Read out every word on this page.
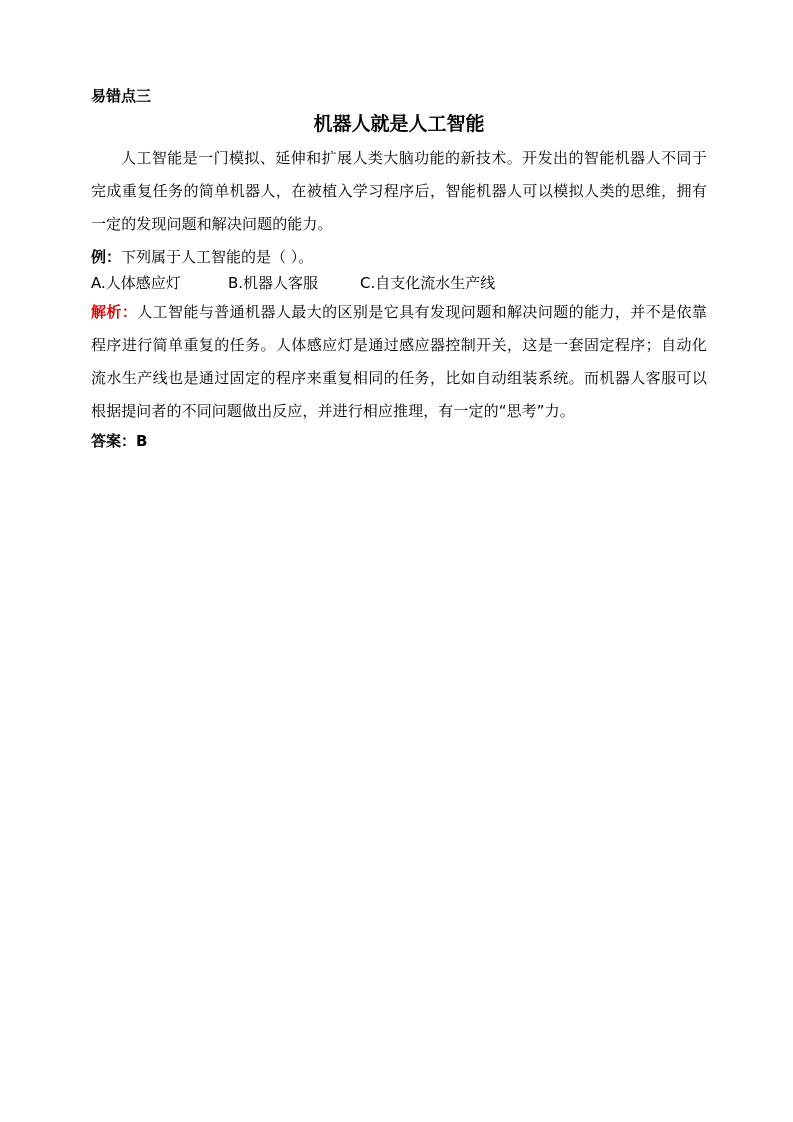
易错点三

机器人就是人工智能

人工智能是一门模拟、延伸和扩展人类大脑功能的新技术。开发出的智能机器人不同于完成重复任务的简单机器人，在被植入学习程序后，智能机器人可以模拟人类的思维，拥有一定的发现问题和解决问题的能力。

例：下列属于人工智能的是（ ）。

A.人体感应灯	B.机器人客服	C.自支化流水生产线

解析：人工智能与普通机器人最大的区别是它具有发现问题和解决问题的能力，并不是依靠程序进行简单重复的任务。人体感应灯是通过感应器控制开关，这是一套固定程序；自动化流水生产线也是通过固定的程序来重复相同的任务，比如自动组装系统。而机器人客服可以根据提问者的不同问题做出反应，并进行相应推理，有一定的“思考”力。

答案：B
